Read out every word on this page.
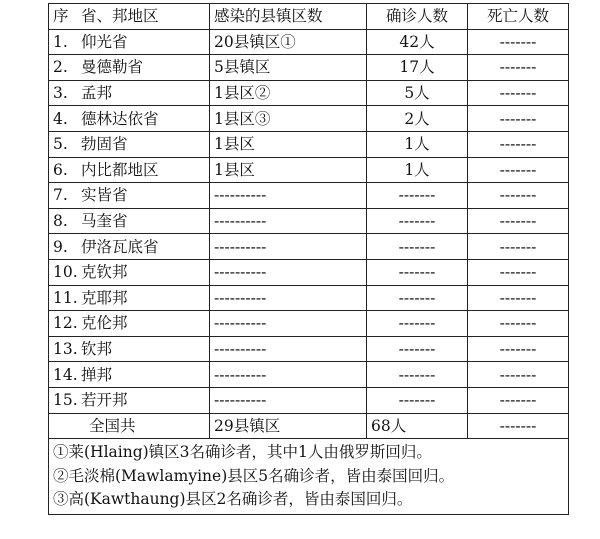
序	省、邦地区	感染的县镇区数	确诊人数	死亡人数
1.	仰光省	20县镇区①	42人	-------
2.	曼德勒省	5县镇区	17人	-------
3.	孟邦	1县区②	5人	-------
4.	德林达依省	1县区③	2人	-------
5.	勃固省	1县区	1人	-------
6.	内比都地区	1县区	1人	-------
7.	实皆省	----------	-------	-------
8.	马奎省	----------	-------	-------
9.	伊洛瓦底省	----------	-------	-------
10.	克钦邦	----------	-------	-------
11.	克耶邦	----------	-------	-------
12.	克伦邦	----------	-------	-------
13.	钦邦	----------	-------	-------
14.	掸邦	----------	-------	-------
15.	若开邦	----------	-------	-------
全国共		29县镇区	68人	-------
①莱(Hlaing)镇区3名确诊者，其中1人由俄罗斯回归。
②毛淡棉(Mawlamyine)县区5名确诊者，皆由泰国回归。
③高(Kawthaung)县区2名确诊者，皆由泰国回归。
